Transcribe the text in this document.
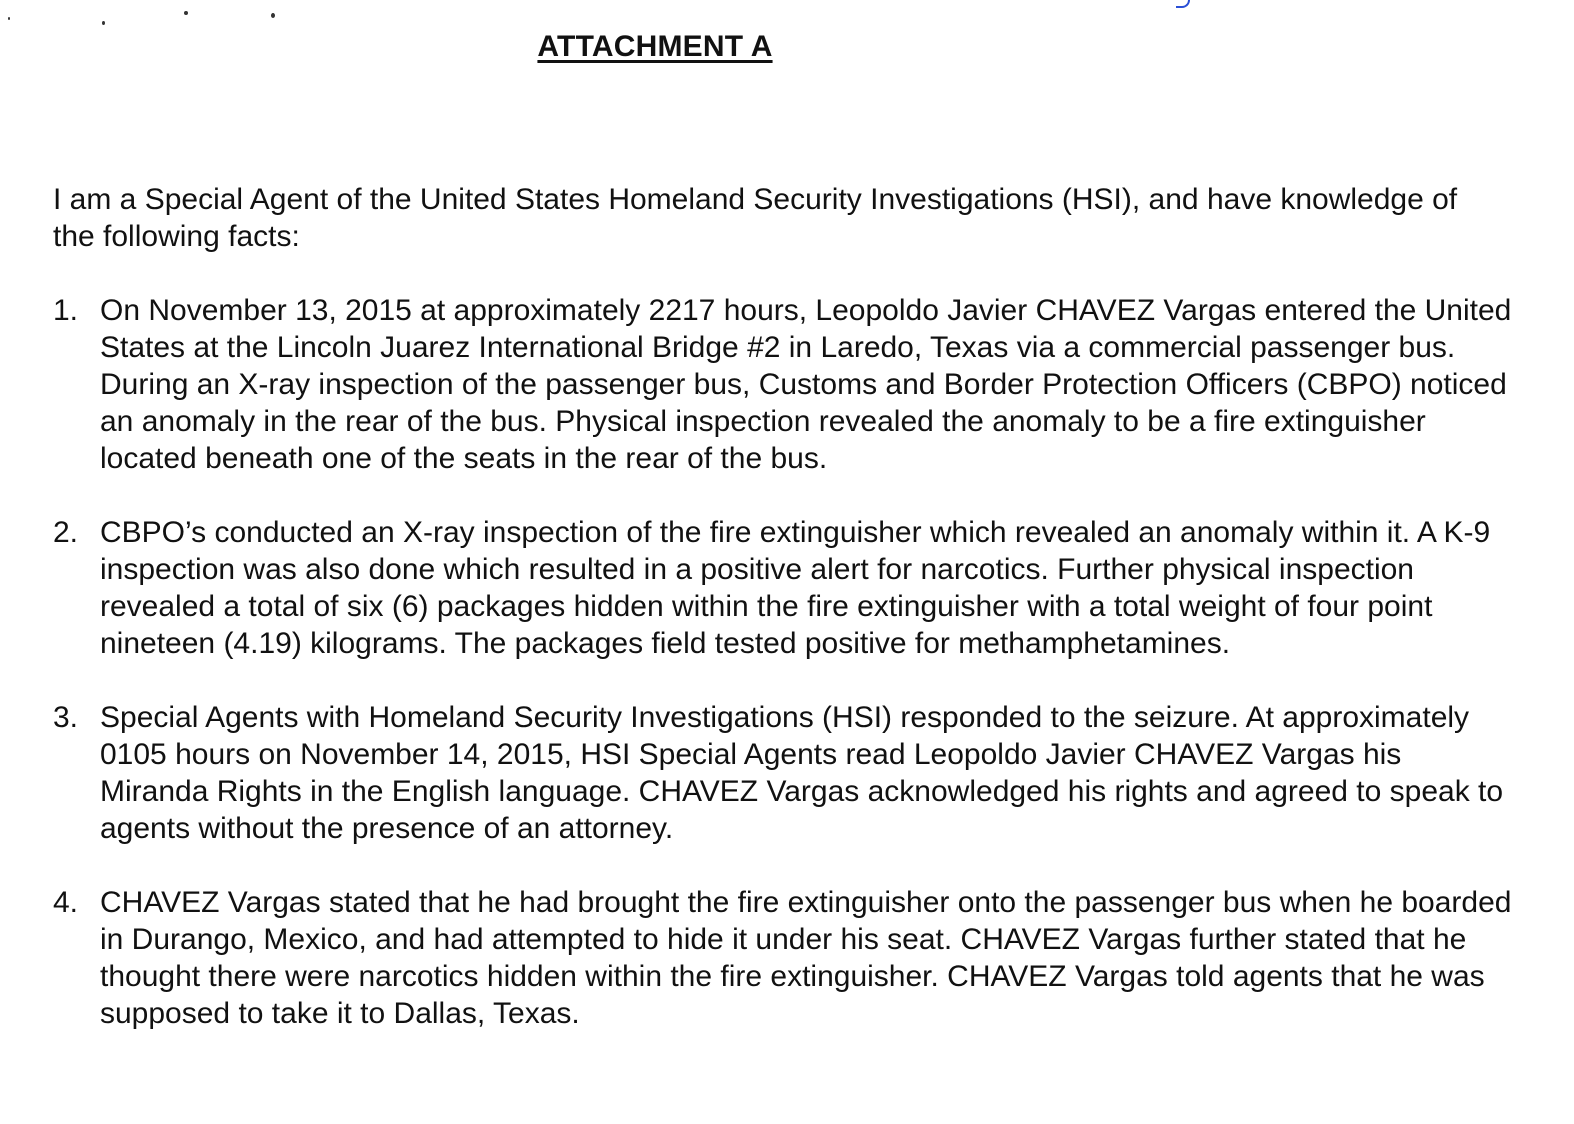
ATTACHMENT A
I am a Special Agent of the United States Homeland Security Investigations (HSI), and have knowledge of the following facts:
1. On November 13, 2015 at approximately 2217 hours, Leopoldo Javier CHAVEZ Vargas entered the United States at the Lincoln Juarez International Bridge #2 in Laredo, Texas via a commercial passenger bus. During an X-ray inspection of the passenger bus, Customs and Border Protection Officers (CBPO) noticed an anomaly in the rear of the bus. Physical inspection revealed the anomaly to be a fire extinguisher located beneath one of the seats in the rear of the bus.
2. CBPO’s conducted an X-ray inspection of the fire extinguisher which revealed an anomaly within it. A K-9 inspection was also done which resulted in a positive alert for narcotics. Further physical inspection revealed a total of six (6) packages hidden within the fire extinguisher with a total weight of four point nineteen (4.19) kilograms. The packages field tested positive for methamphetamines.
3. Special Agents with Homeland Security Investigations (HSI) responded to the seizure. At approximately 0105 hours on November 14, 2015, HSI Special Agents read Leopoldo Javier CHAVEZ Vargas his Miranda Rights in the English language. CHAVEZ Vargas acknowledged his rights and agreed to speak to agents without the presence of an attorney.
4. CHAVEZ Vargas stated that he had brought the fire extinguisher onto the passenger bus when he boarded in Durango, Mexico, and had attempted to hide it under his seat. CHAVEZ Vargas further stated that he thought there were narcotics hidden within the fire extinguisher. CHAVEZ Vargas told agents that he was supposed to take it to Dallas, Texas.
